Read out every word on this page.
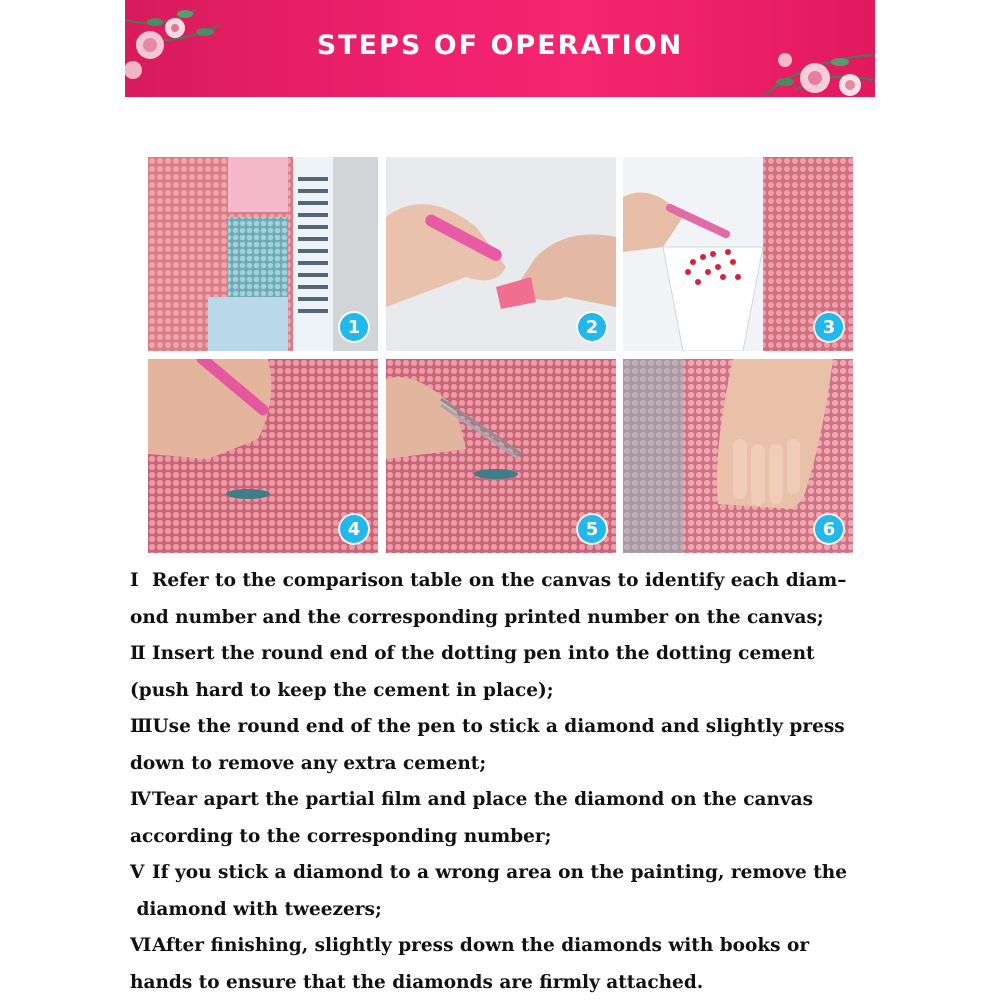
STEPS OF OPERATION
1	2	3
4	5	6
Ⅰ Refer to the comparison table on the canvas to identify each diam–
ond number and the corresponding printed number on the canvas;
Ⅱ Insert the round end of the dotting pen into the dotting cement
(push hard to keep the cement in place);
ⅢUse the round end of the pen to stick a diamond and slightly press
down to remove any extra cement;
ⅣTear apart the partial film and place the diamond on the canvas
according to the corresponding number;
Ⅴ If you stick a diamond to a wrong area on the painting, remove the
diamond with tweezers;
ⅥAfter finishing, slightly press down the diamonds with books or
hands to ensure that the diamonds are firmly attached.
